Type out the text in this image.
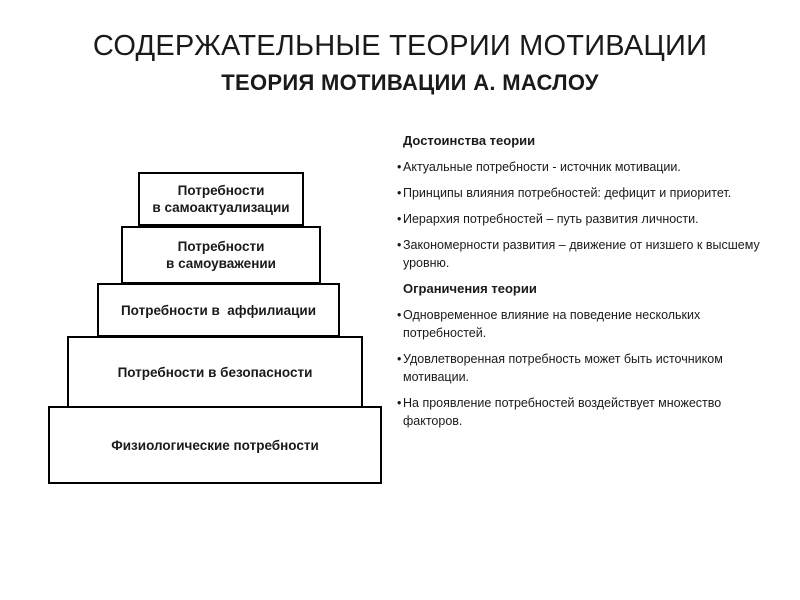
СОДЕРЖАТЕЛЬНЫЕ ТЕОРИИ МОТИВАЦИИ
ТЕОРИЯ МОТИВАЦИИ А. МАСЛОУ
Потребности
в самоактуализации
Потребности
в самоуважении
Потребности в  аффилиации
Потребности в безопасности
Физиологические потребности
Достоинства теории
• Актуальные потребности - источник мотивации.
• Принципы влияния потребностей: дефицит и приоритет.
• Иерархия потребностей – путь развития личности.
• Закономерности развития – движение от низшего к высшему уровню.
Ограничения теории
• Одновременное влияние на поведение нескольких потребностей.
• Удовлетворенная потребность может быть источником мотивации.
• На проявление потребностей воздействует множество факторов.
